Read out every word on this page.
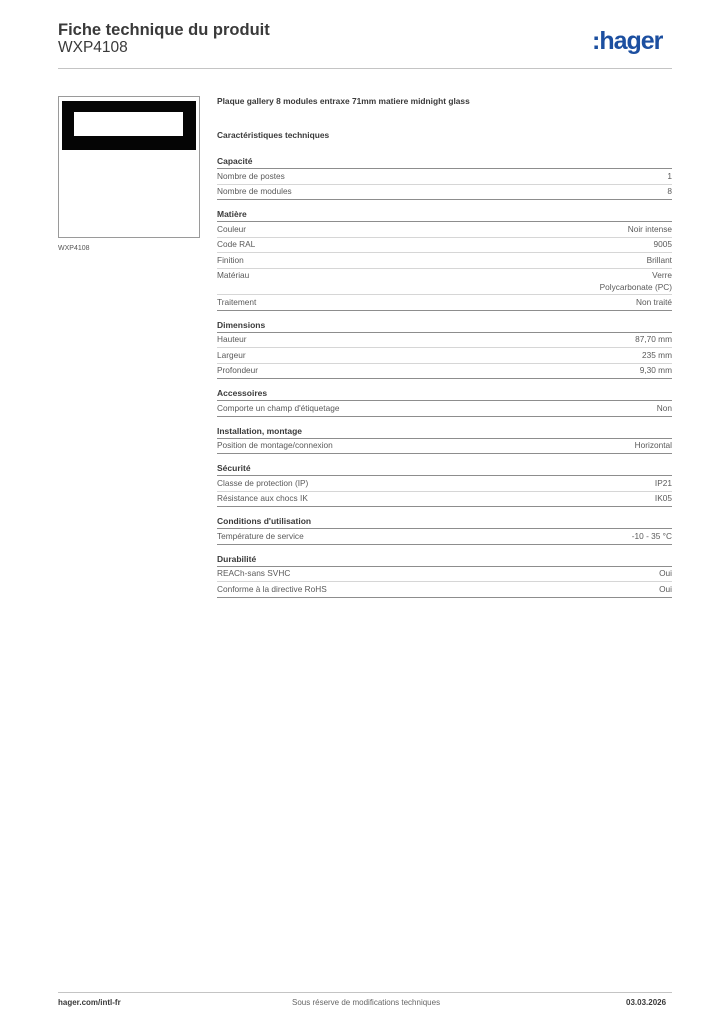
Fiche technique du produit
WXP4108	:hager
WXP4108
Plaque gallery 8 modules entraxe 71mm matiere midnight glass
Caractéristiques techniques
Capacité
Nombre de postes	1
Nombre de modules	8
Matière
Couleur	Noir intense
Code RAL	9005
Finition	Brillant
Matériau	Verre
Polycarbonate (PC)
Traitement	Non traité
Dimensions
Hauteur	87,70 mm
Largeur	235 mm
Profondeur	9,30 mm
Accessoires
Comporte un champ d'étiquetage	Non
Installation, montage
Position de montage/connexion	Horizontal
Sécurité
Classe de protection (IP)	IP21
Résistance aux chocs IK	IK05
Conditions d'utilisation
Température de service	-10 - 35 °C
Durabilité
REACh-sans SVHC	Oui
Conforme à la directive RoHS	Oui
hager.com/intl-fr	Sous réserve de modifications techniques	03.03.2026
